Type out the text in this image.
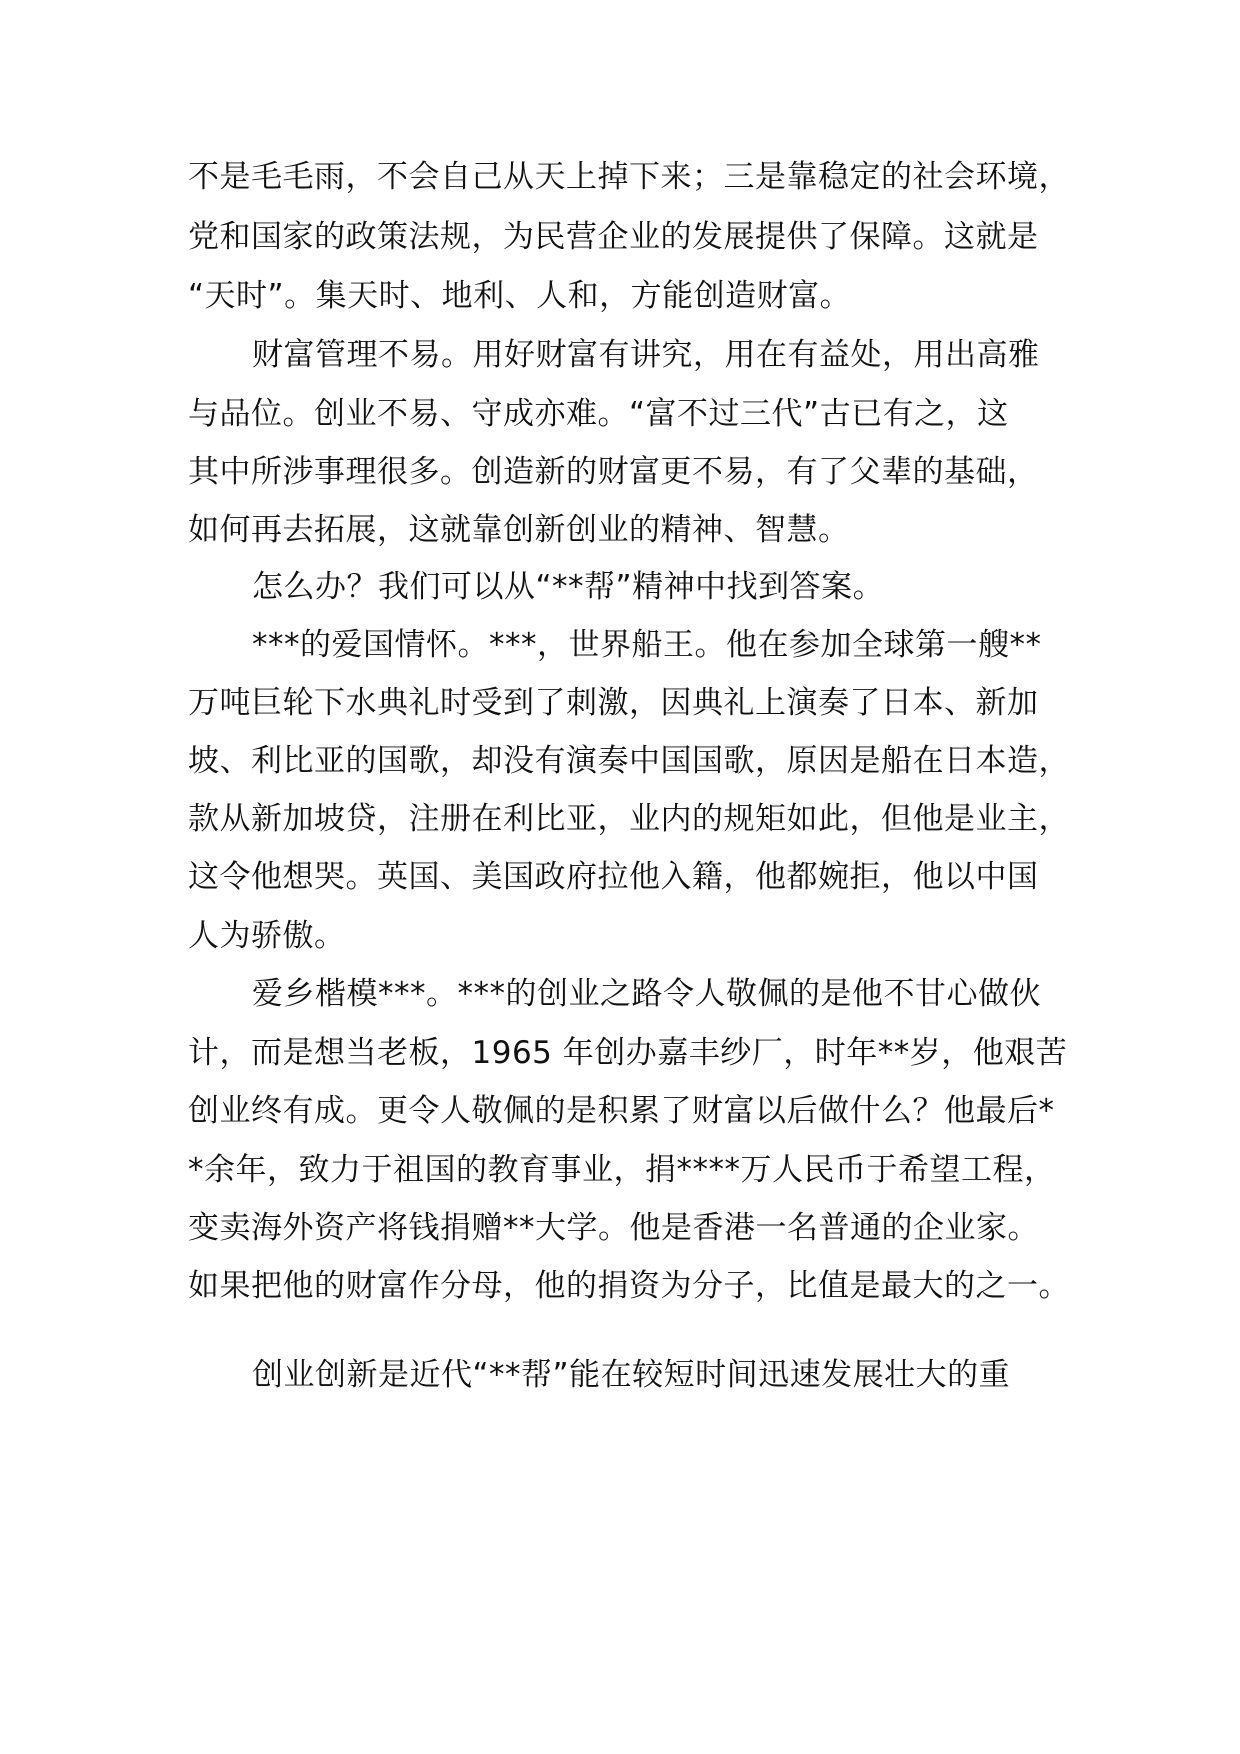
不是毛毛雨，不会自己从天上掉下来；三是靠稳定的社会环境，

党和国家的政策法规，为民营企业的发展提供了保障。这就是

“天时”。集天时、地利、人和，方能创造财富。

财富管理不易。用好财富有讲究，用在有益处，用出高雅

与品位。创业不易、守成亦难。“富不过三代”古已有之，这

其中所涉事理很多。创造新的财富更不易，有了父辈的基础，

如何再去拓展，这就靠创新创业的精神、智慧。

怎么办？我们可以从“**帮”精神中找到答案。

***的爱国情怀。***，世界船王。他在参加全球第一艘**

万吨巨轮下水典礼时受到了刺激，因典礼上演奏了日本、新加

坡、利比亚的国歌，却没有演奏中国国歌，原因是船在日本造，

款从新加坡贷，注册在利比亚，业内的规矩如此，但他是业主，

这令他想哭。英国、美国政府拉他入籍，他都婉拒，他以中国

人为骄傲。

爱乡楷模***。***的创业之路令人敬佩的是他不甘心做伙

计，而是想当老板，1965 年创办嘉丰纱厂，时年**岁，他艰苦

创业终有成。更令人敬佩的是积累了财富以后做什么？他最后*

*余年，致力于祖国的教育事业，捐****万人民币于希望工程，

变卖海外资产将钱捐赠**大学。他是香港一名普通的企业家。

如果把他的财富作分母，他的捐资为分子，比值是最大的之一。

创业创新是近代“**帮”能在较短时间迅速发展壮大的重
